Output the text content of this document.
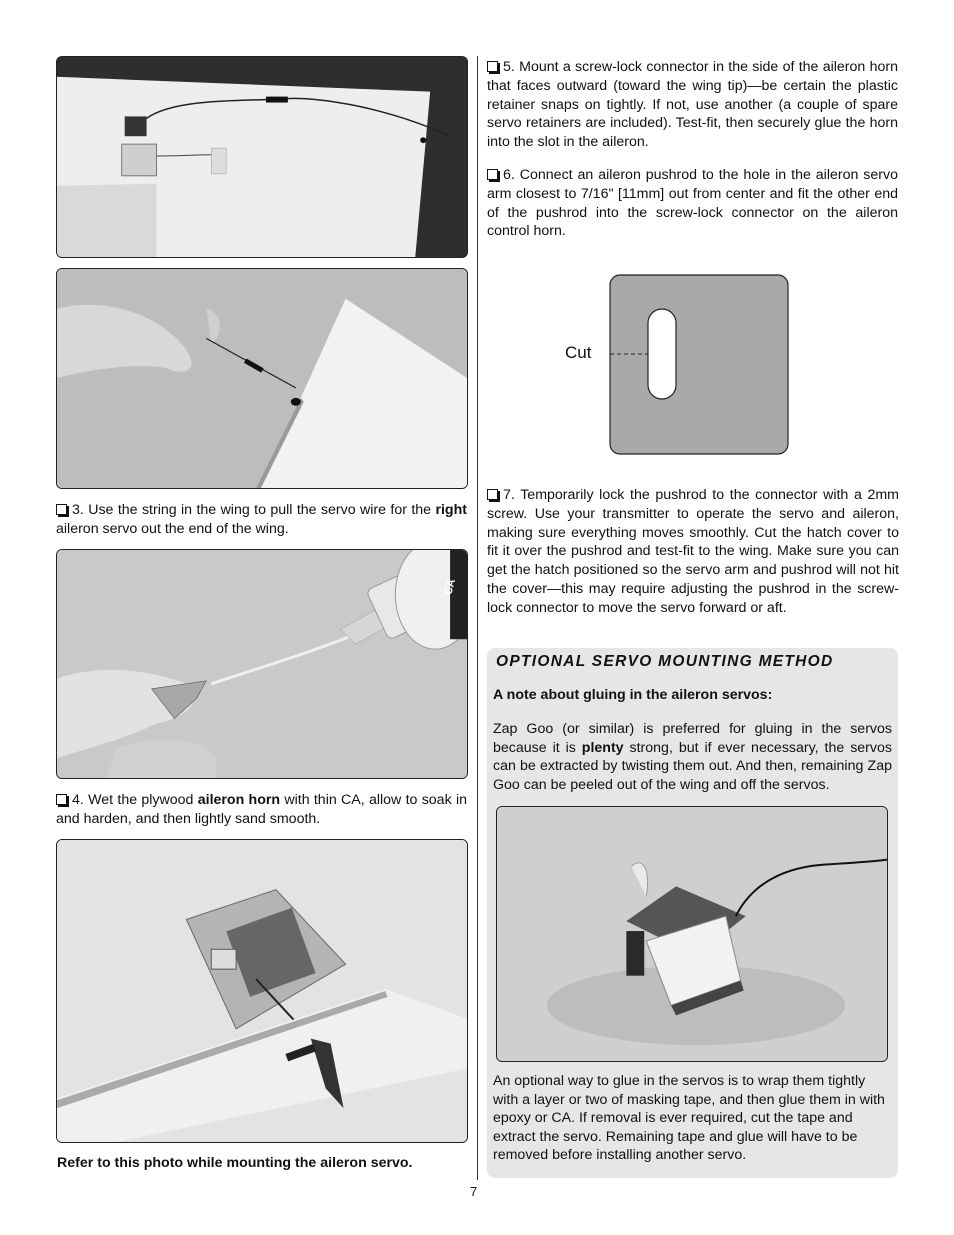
3. Use the string in the wing to pull the servo wire for the right aileron servo out the end of the wing.

CA

4. Wet the plywood aileron horn with thin CA, allow to soak in and harden, and then lightly sand smooth.

Refer to this photo while mounting the aileron servo.

5. Mount a screw-lock connector in the side of the aileron horn that faces outward (toward the wing tip)—be certain the plastic retainer snaps on tightly. If not, use another (a couple of spare servo retainers are included). Test-fit, then securely glue the horn into the slot in the aileron.

6. Connect an aileron pushrod to the hole in the aileron servo arm closest to 7/16" [11mm] out from center and fit the other end of the pushrod into the screw-lock connector on the aileron control horn.

Cut

7. Temporarily lock the pushrod to the connector with a 2mm screw. Use your transmitter to operate the servo and aileron, making sure everything moves smoothly. Cut the hatch cover to fit it over the pushrod and test-fit to the wing. Make sure you can get the hatch positioned so the servo arm and pushrod will not hit the cover—this may require adjusting the pushrod in the screw-lock connector to move the servo forward or aft.

OPTIONAL SERVO MOUNTING METHOD
A note about gluing in the aileron servos:
Zap Goo (or similar) is preferred for gluing in the servos because it is plenty strong, but if ever necessary, the servos can be extracted by twisting them out. And then, remaining Zap Goo can be peeled out of the wing and off the servos.
An optional way to glue in the servos is to wrap them tightly with a layer or two of masking tape, and then glue them in with epoxy or CA. If removal is ever required, cut the tape and extract the servo. Remaining tape and glue will have to be removed before installing another servo.
7
